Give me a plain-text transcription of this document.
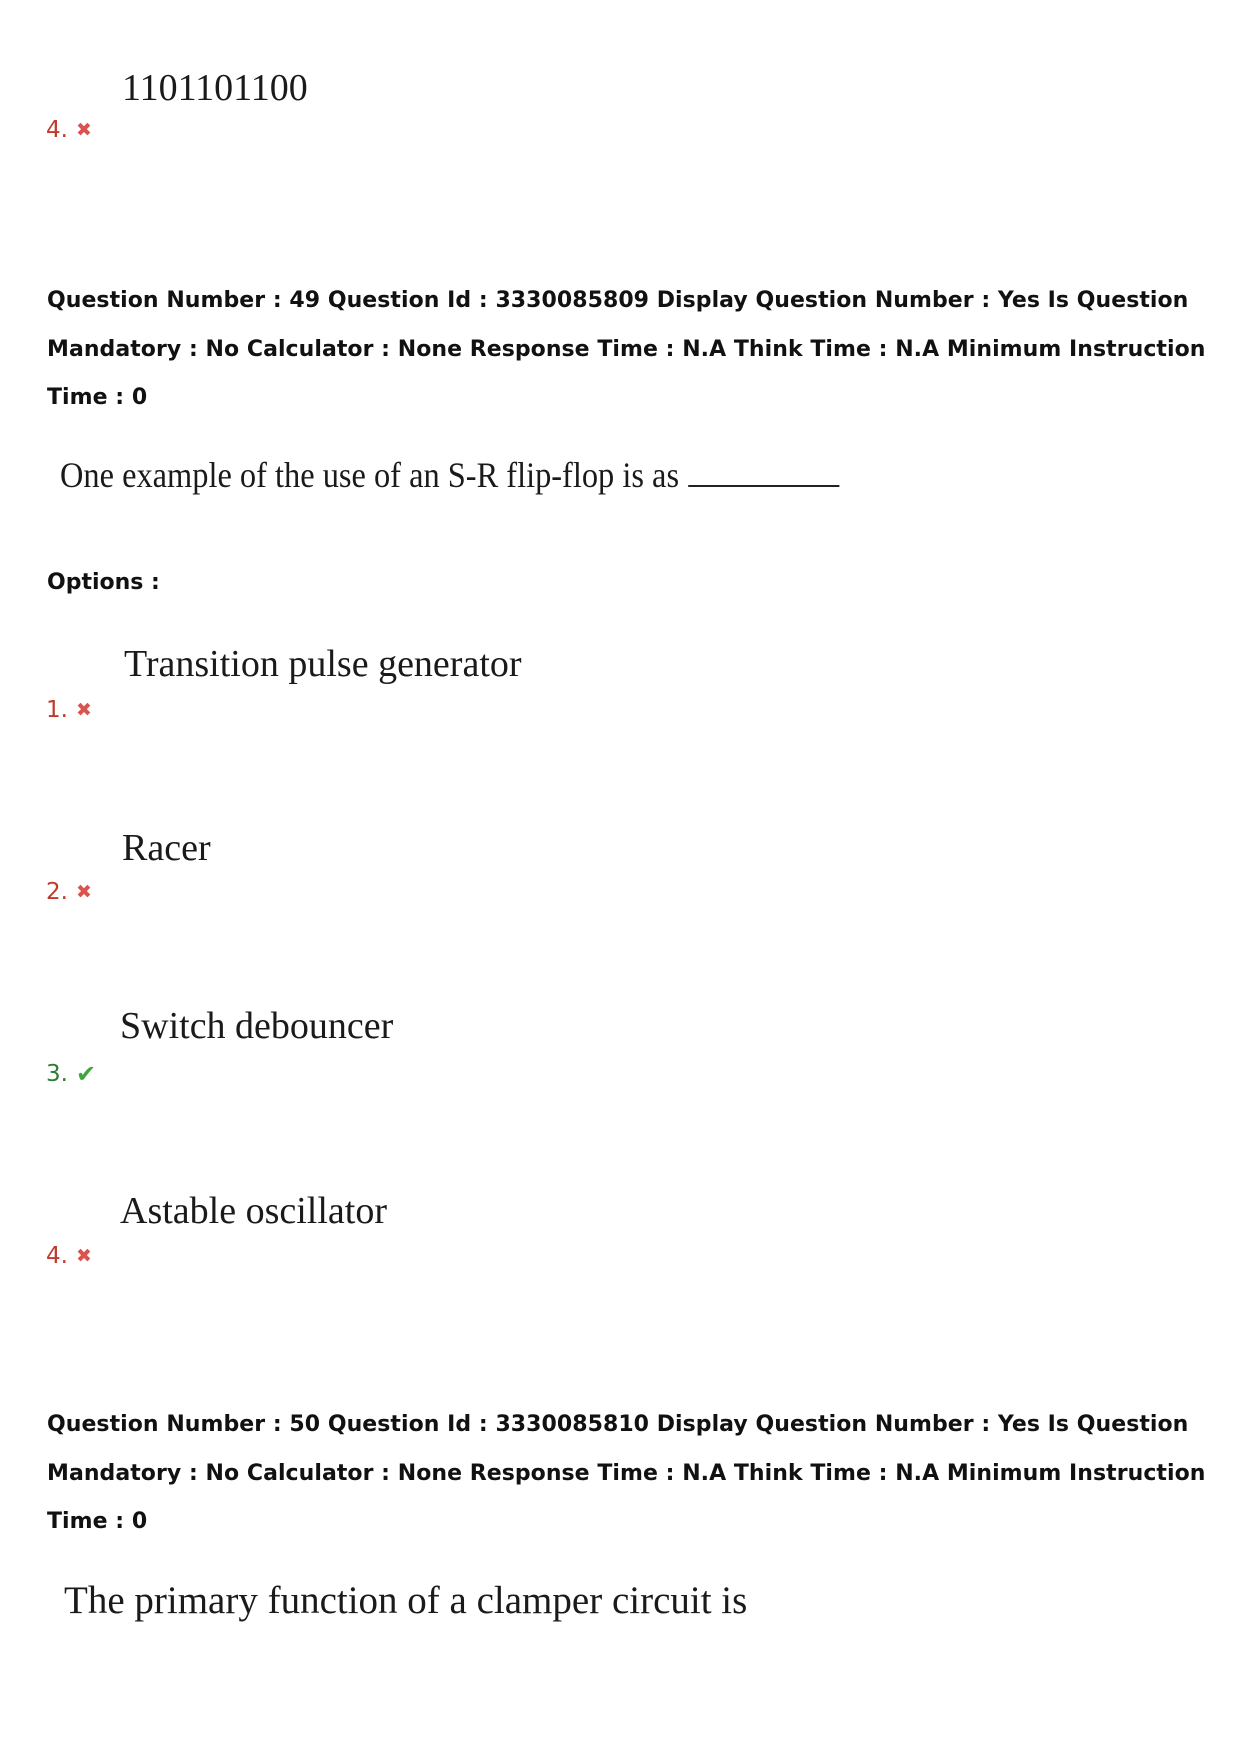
1101101100
4. ✖
Question Number : 49 Question Id : 3330085809 Display Question Number : Yes Is Question
Mandatory : No Calculator : None Response Time : N.A Think Time : N.A Minimum Instruction
Time : 0
One example of the use of an S-R flip-flop is as
Options :
Transition pulse generator
1. ✖
Racer
2. ✖
Switch debouncer
3. ✔
Astable oscillator
4. ✖
Question Number : 50 Question Id : 3330085810 Display Question Number : Yes Is Question
Mandatory : No Calculator : None Response Time : N.A Think Time : N.A Minimum Instruction
Time : 0
The primary function of a clamper circuit is
